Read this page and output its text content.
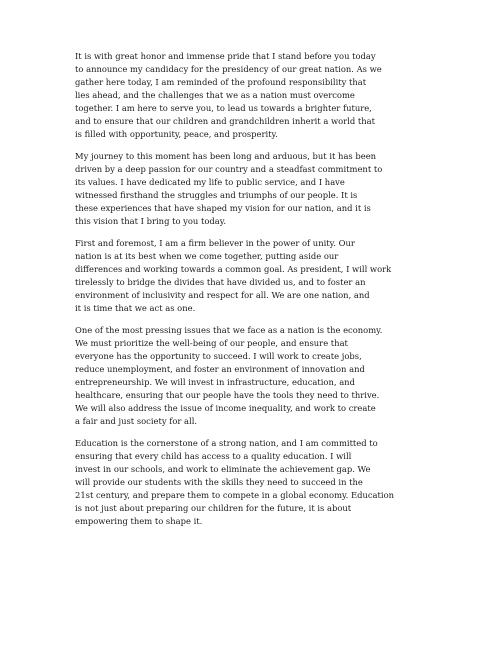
It is with great honor and immense pride that I stand before you today
to announce my candidacy for the presidency of our great nation. As we
gather here today, I am reminded of the profound responsibility that
lies ahead, and the challenges that we as a nation must overcome
together. I am here to serve you, to lead us towards a brighter future,
and to ensure that our children and grandchildren inherit a world that
is filled with opportunity, peace, and prosperity.

My journey to this moment has been long and arduous, but it has been
driven by a deep passion for our country and a steadfast commitment to
its values. I have dedicated my life to public service, and I have
witnessed firsthand the struggles and triumphs of our people. It is
these experiences that have shaped my vision for our nation, and it is
this vision that I bring to you today.

First and foremost, I am a firm believer in the power of unity. Our
nation is at its best when we come together, putting aside our
differences and working towards a common goal. As president, I will work
tirelessly to bridge the divides that have divided us, and to foster an
environment of inclusivity and respect for all. We are one nation, and
it is time that we act as one.

One of the most pressing issues that we face as a nation is the economy.
We must prioritize the well-being of our people, and ensure that
everyone has the opportunity to succeed. I will work to create jobs,
reduce unemployment, and foster an environment of innovation and
entrepreneurship. We will invest in infrastructure, education, and
healthcare, ensuring that our people have the tools they need to thrive.
We will also address the issue of income inequality, and work to create
a fair and just society for all.

Education is the cornerstone of a strong nation, and I am committed to
ensuring that every child has access to a quality education. I will
invest in our schools, and work to eliminate the achievement gap. We
will provide our students with the skills they need to succeed in the
21st century, and prepare them to compete in a global economy. Education
is not just about preparing our children for the future, it is about
empowering them to shape it.
